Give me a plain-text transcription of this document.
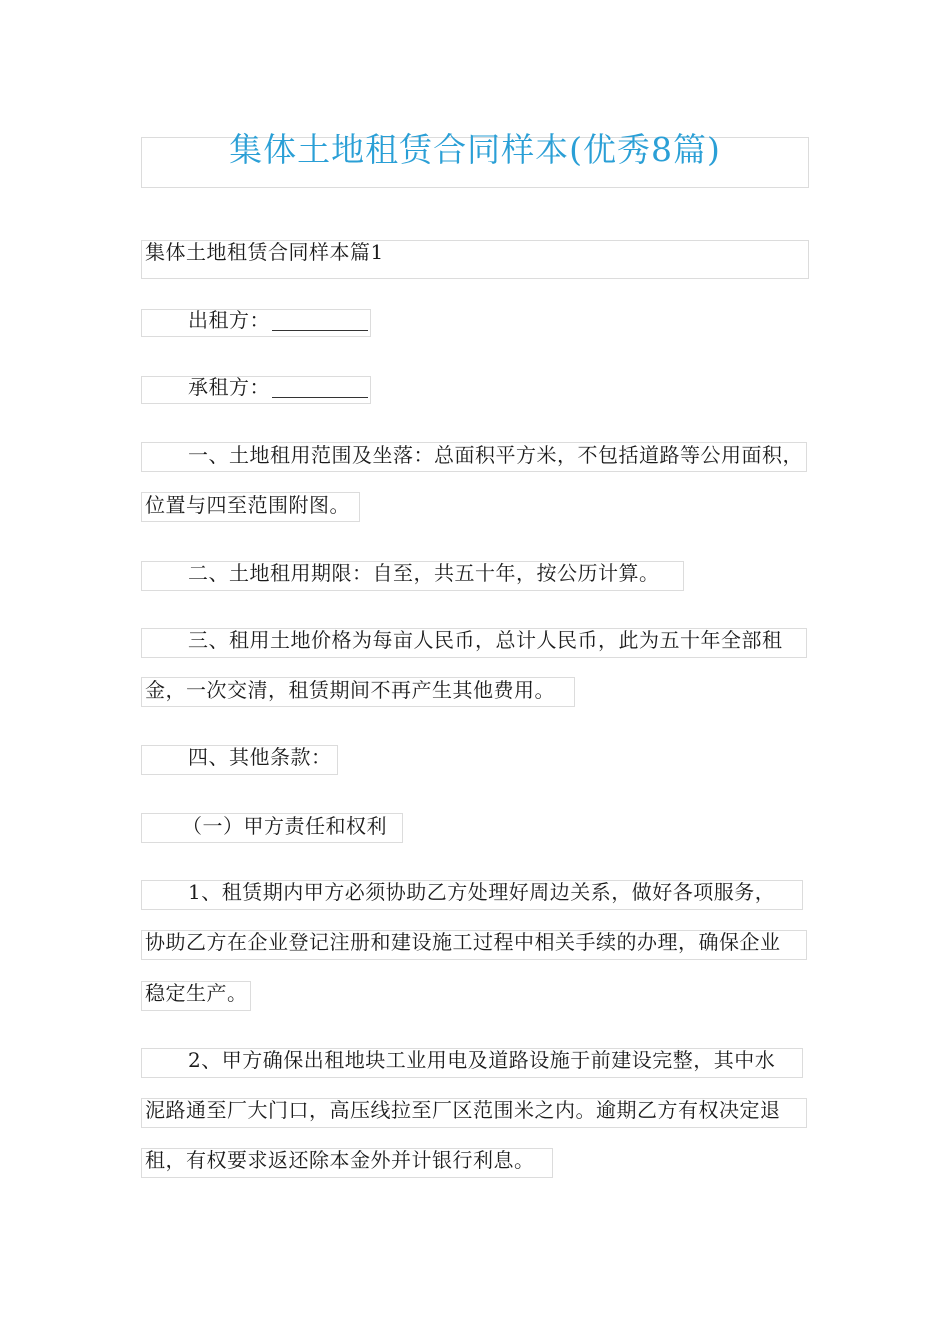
集体土地租赁合同样本(优秀8篇)
集体土地租赁合同样本篇1
出租方：
承租方：
一、土地租用范围及坐落：总面积平方米，不包括道路等公用面积，
位置与四至范围附图。
二、土地租用期限：自至，共五十年，按公历计算。
三、租用土地价格为每亩人民币，总计人民币，此为五十年全部租
金，一次交清，租赁期间不再产生其他费用。
四、其他条款：
（一）甲方责任和权利
1、租赁期内甲方必须协助乙方处理好周边关系，做好各项服务，
协助乙方在企业登记注册和建设施工过程中相关手续的办理，确保企业
稳定生产。
2、甲方确保出租地块工业用电及道路设施于前建设完整，其中水
泥路通至厂大门口，高压线拉至厂区范围米之内。逾期乙方有权决定退
租，有权要求返还除本金外并计银行利息。
